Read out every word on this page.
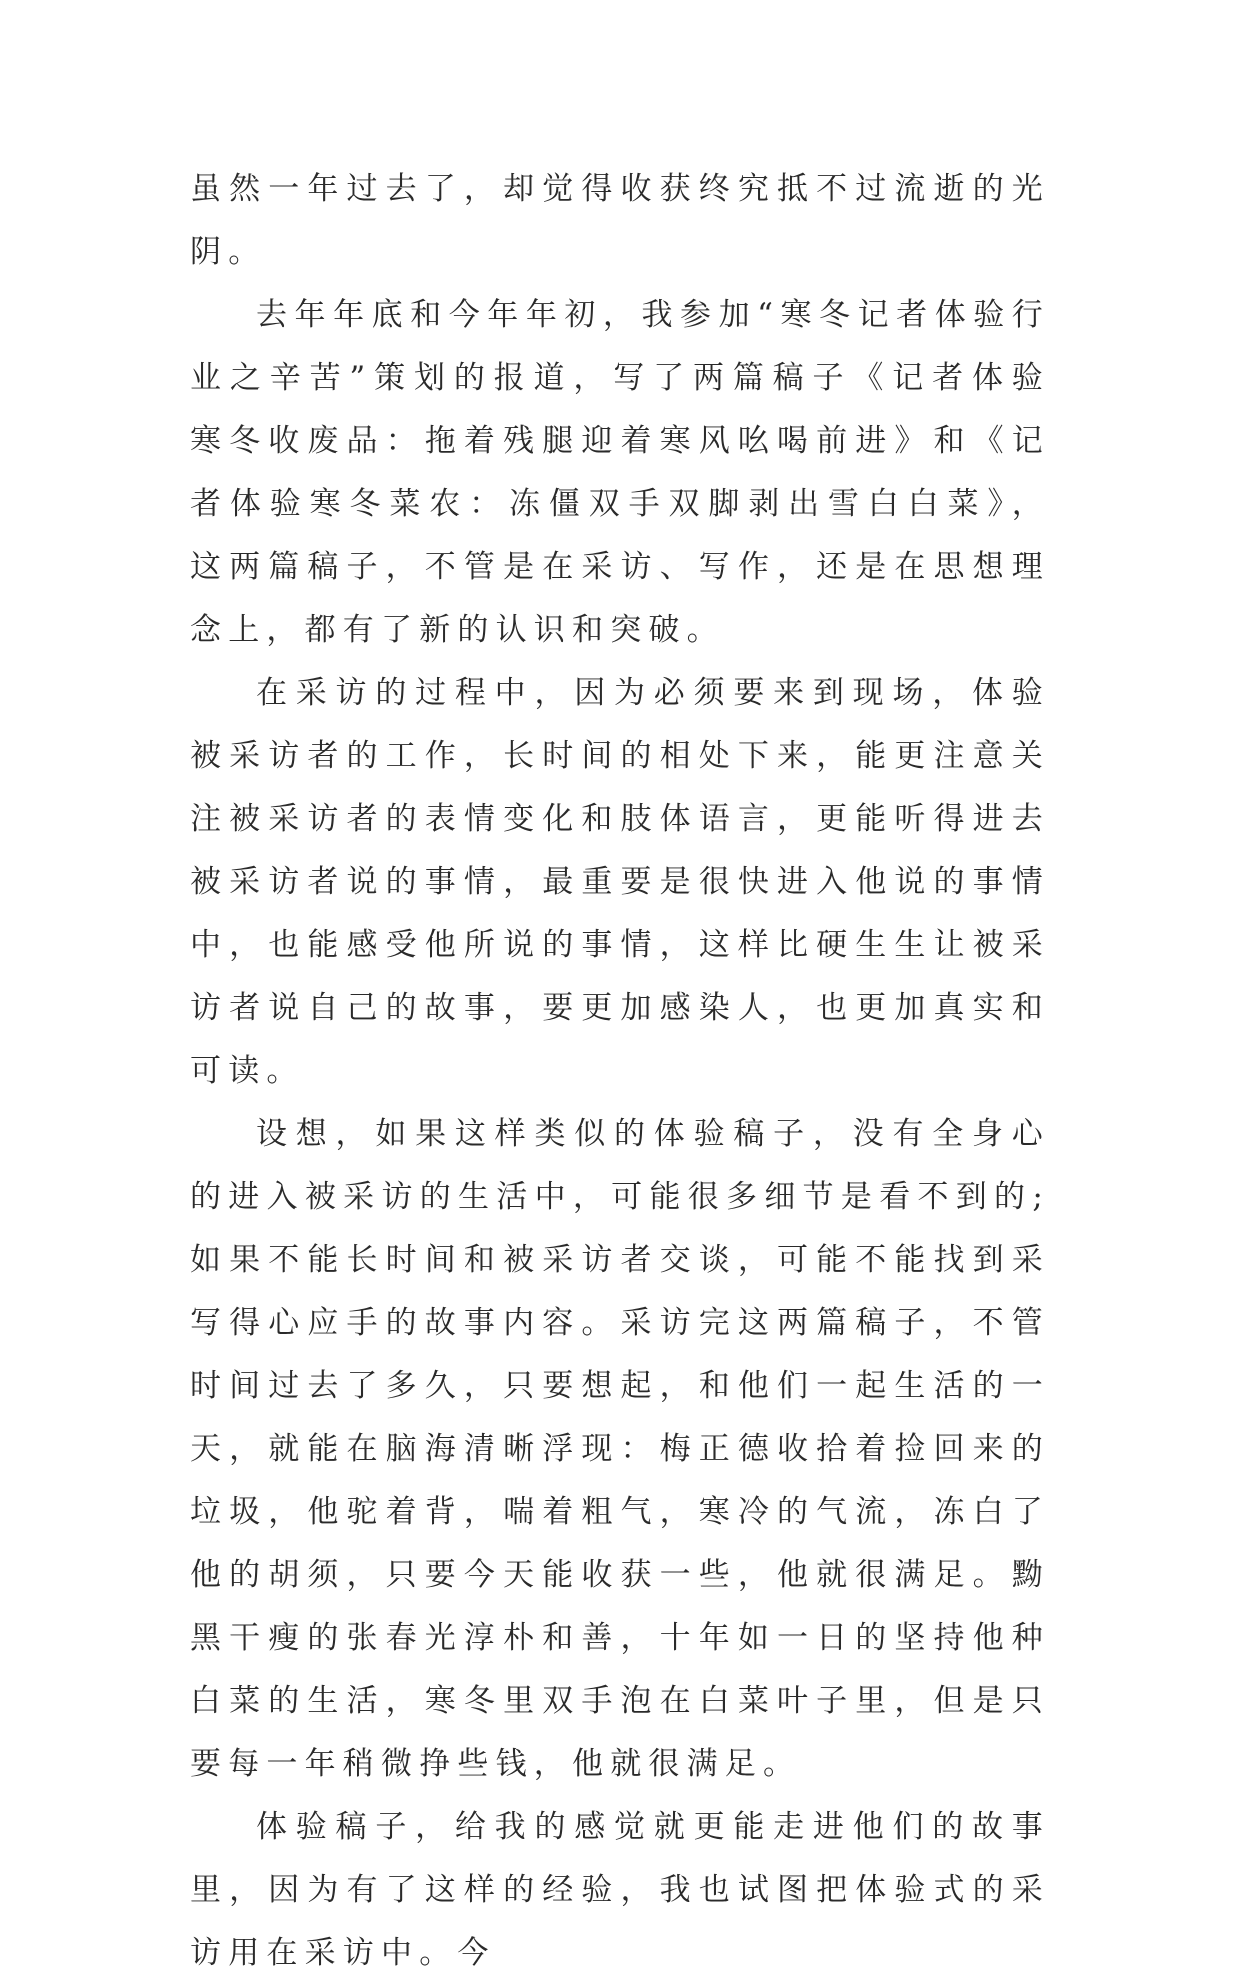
虽然一年过去了，却觉得收获终究抵不过流逝的光阴。

去年年底和今年年初，我参加“寒冬记者体验行业之辛苦”策划的报道，写了两篇稿子《记者体验寒冬收废品：拖着残腿迎着寒风吆喝前进》和《记者体验寒冬菜农：冻僵双手双脚剥出雪白白菜》，这两篇稿子，不管是在采访、写作，还是在思想理念上，都有了新的认识和突破。

在采访的过程中，因为必须要来到现场，体验被采访者的工作，长时间的相处下来，能更注意关注被采访者的表情变化和肢体语言，更能听得进去被采访者说的事情，最重要是很快进入他说的事情中，也能感受他所说的事情，这样比硬生生让被采访者说自己的故事，要更加感染人，也更加真实和可读。

设想，如果这样类似的体验稿子，没有全身心的进入被采访的生活中，可能很多细节是看不到的;如果不能长时间和被采访者交谈，可能不能找到采写得心应手的故事内容。采访完这两篇稿子，不管时间过去了多久，只要想起，和他们一起生活的一天，就能在脑海清晰浮现：梅正德收拾着捡回来的垃圾，他驼着背，喘着粗气，寒冷的气流，冻白了他的胡须，只要今天能收获一些，他就很满足。黝黑干瘦的张春光淳朴和善，十年如一日的坚持他种白菜的生活，寒冬里双手泡在白菜叶子里，但是只要每一年稍微挣些钱，他就很满足。

体验稿子，给我的感觉就更能走进他们的故事里，因为有了这样的经验，我也试图把体验式的采访用在采访中。今
